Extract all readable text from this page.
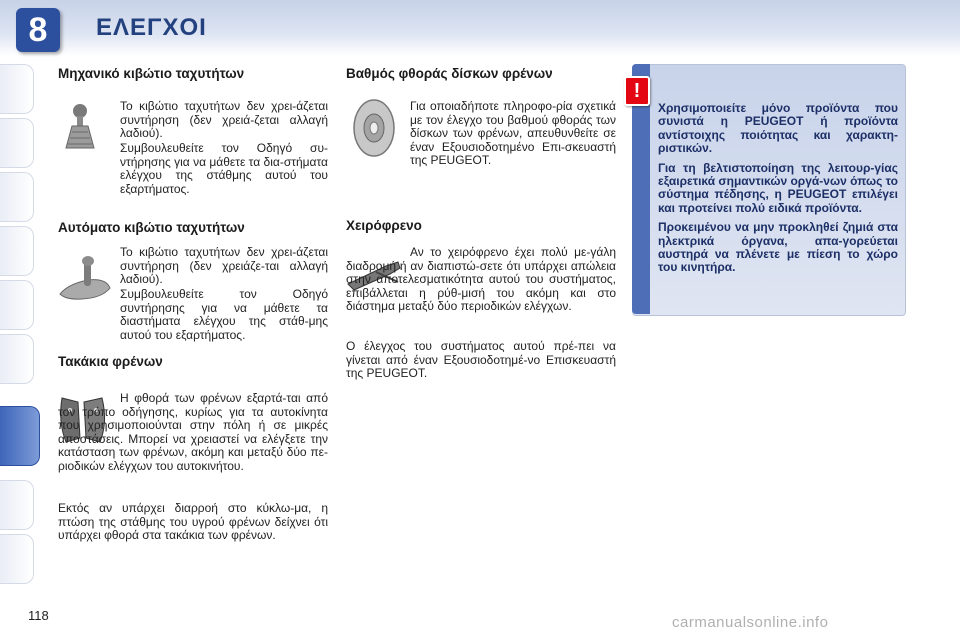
8	ΕΛΕΓΧΟΙ
Μηχανικό κιβώτιο ταχυτήτων

Το κιβώτιο ταχυτήτων δεν χρει-άζεται συντήρηση (δεν χρειά-ζεται αλλαγή λαδιού).

Συμβουλευθείτε τον Οδηγό συ-ντήρησης για να μάθετε τα δια-στήματα ελέγχου της στάθμης αυτού του εξαρτήματος.

Αυτόματο κιβώτιο ταχυτήτων

Το κιβώτιο ταχυτήτων δεν χρει-άζεται συντήρηση (δεν χρειάζε-ται αλλαγή λαδιού).

Συμβουλευθείτε τον Οδηγό συντήρησης για να μάθετε τα διαστήματα ελέγχου της στάθ-μης αυτού του εξαρτήματος.

Τακάκια φρένων

Η φθορά των φρένων εξαρτά-ται από τον τρόπο οδήγησης, κυρίως για τα αυτοκίνητα που χρησιμοποιούνται στην πόλη ή σε μικρές αποστάσεις. Μπορεί να χρειαστεί να ελέγξετε την κατάσταση των φρένων, ακόμη και μεταξύ δύο πε-ριοδικών ελέγχων του αυτοκινήτου.

Εκτός αν υπάρχει διαρροή στο κύκλω-μα, η πτώση της στάθμης του υγρού φρένων δείχνει ότι υπάρχει φθορά στα τακάκια των φρένων.

Βαθμός φθοράς δίσκων φρένων

Για οποιαδήποτε πληροφο-ρία σχετικά με τον έλεγχο του βαθμού φθοράς των δίσκων των φρένων, απευθυνθείτε σε έναν Εξουσιοδοτημένο Επι-σκευαστή της PEUGEOT.

Χειρόφρενο

Αν το χειρόφρενο έχει πολύ με-γάλη διαδρομή ή αν διαπιστώ-σετε ότι υπάρχει απώλεια στην αποτελεσματικότητα αυτού του συστήματος, επιβάλλεται η ρύθ-μισή του ακόμη και στο διάστημα μεταξύ δύο περιοδικών ελέγχων.

Ο έλεγχος του συστήματος αυτού πρέ-πει να γίνεται από έναν Εξουσιοδοτημέ-νο Επισκευαστή της PEUGEOT.

!

Χρησιμοποιείτε μόνο προϊόντα που συνιστά η PEUGEOT ή προϊόντα αντίστοιχης ποιότητας και χαρακτη-ριστικών.

Για τη βελτιστοποίηση της λειτουρ-γίας εξαιρετικά σημαντικών οργά-νων όπως το σύστημα πέδησης, η PEUGEOT επιλέγει και προτείνει πολύ ειδικά προϊόντα.

Προκειμένου να μην προκληθεί ζημιά στα ηλεκτρικά όργανα, απα-γορεύεται αυστηρά να πλένετε με πίεση το χώρο του κινητήρα.

118	carmanualsonline.info
